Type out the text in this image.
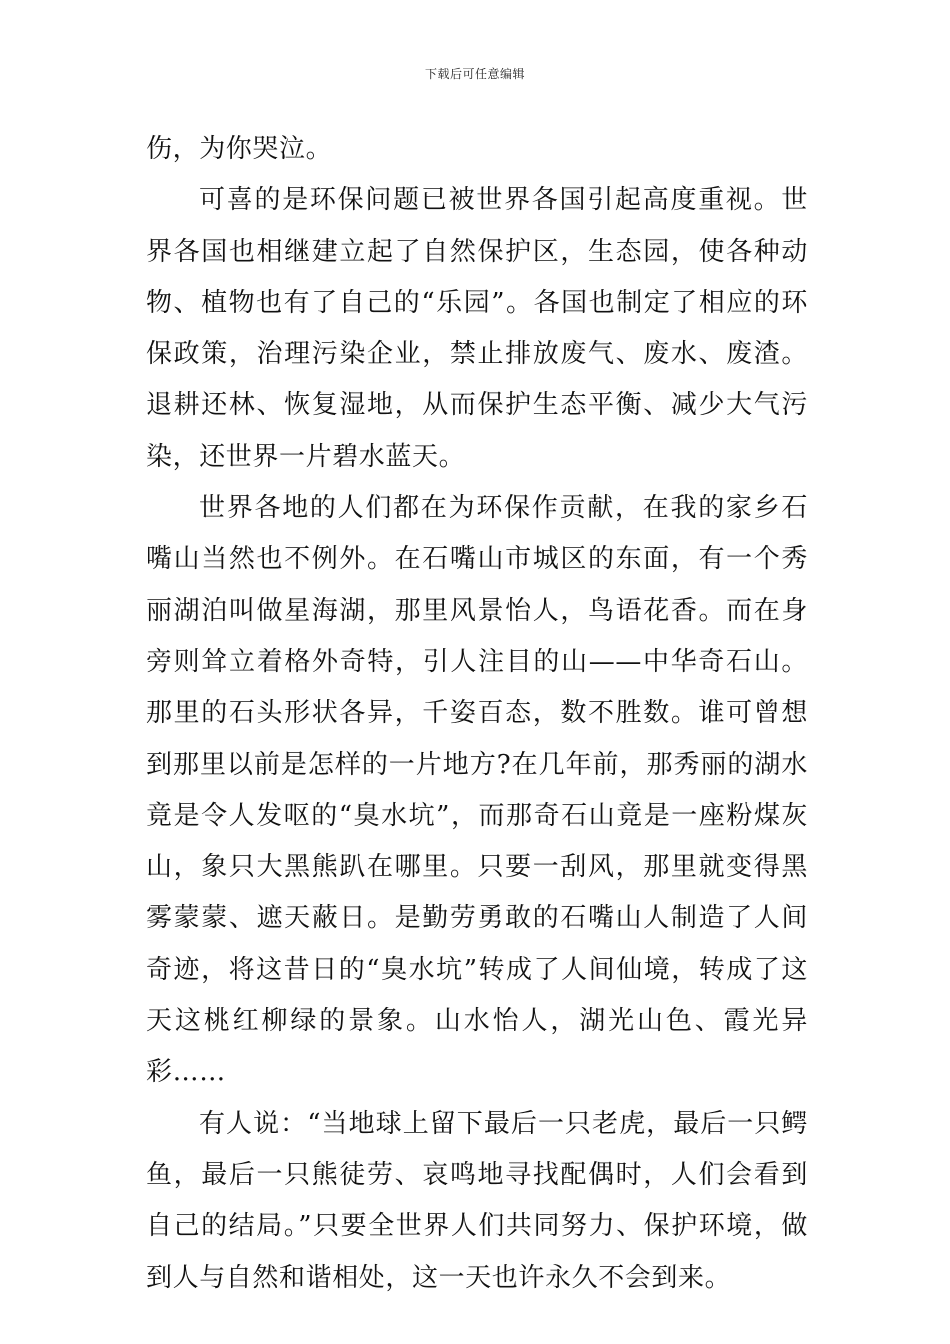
下载后可任意编辑

伤，为你哭泣。

可喜的是环保问题已被世界各国引起高度重视。世界各国也相继建立起了自然保护区，生态园，使各种动物、植物也有了自己的“乐园”。各国也制定了相应的环保政策，治理污染企业，禁止排放废气、废水、废渣。退耕还林、恢复湿地，从而保护生态平衡、减少大气污染，还世界一片碧水蓝天。

世界各地的人们都在为环保作贡献，在我的家乡石嘴山当然也不例外。在石嘴山市城区的东面，有一个秀丽湖泊叫做星海湖，那里风景怡人，鸟语花香。而在身旁则耸立着格外奇特，引人注目的山——中华奇石山。那里的石头形状各异，千姿百态，数不胜数。谁可曾想到那里以前是怎样的一片地方?在几年前，那秀丽的湖水竟是令人发呕的“臭水坑”，而那奇石山竟是一座粉煤灰山，象只大黑熊趴在哪里。只要一刮风，那里就变得黑雾蒙蒙、遮天蔽日。是勤劳勇敢的石嘴山人制造了人间奇迹，将这昔日的“臭水坑”转成了人间仙境，转成了这天这桃红柳绿的景象。山水怡人，湖光山色、霞光异彩……

有人说：“当地球上留下最后一只老虎，最后一只鳄鱼，最后一只熊徒劳、哀鸣地寻找配偶时，人们会看到自己的结局。”只要全世界人们共同努力、保护环境，做到人与自然和谐相处，这一天也许永久不会到来。
